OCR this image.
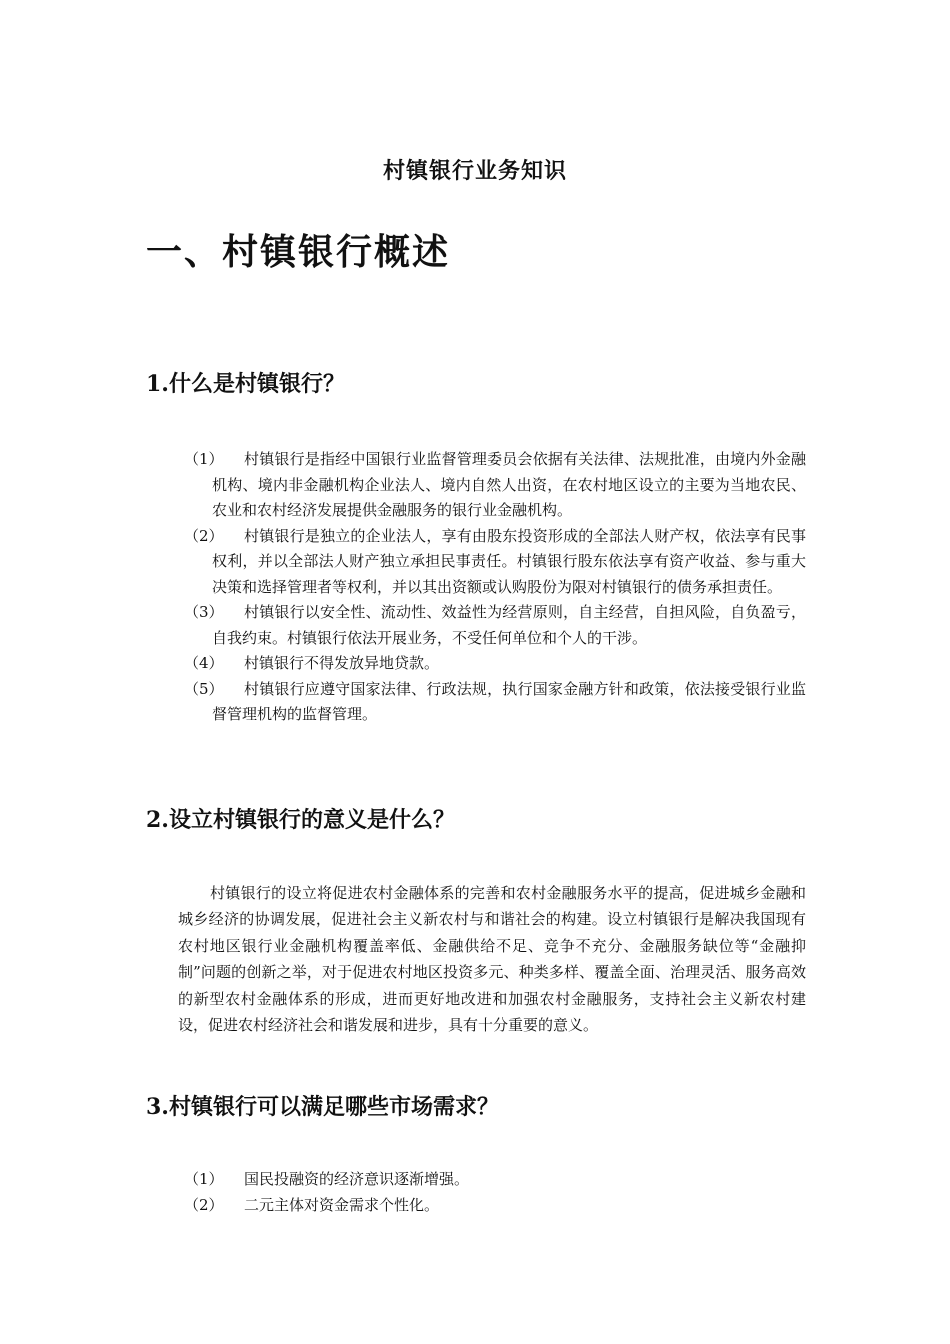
村镇银行业务知识
一、村镇银行概述
1.什么是村镇银行？
（1）	村镇银行是指经中国银行业监督管理委员会依据有关法律、法规批准，由境内外金融机构、境内非金融机构企业法人、境内自然人出资，在农村地区设立的主要为当地农民、农业和农村经济发展提供金融服务的银行业金融机构。
（2）	村镇银行是独立的企业法人，享有由股东投资形成的全部法人财产权，依法享有民事权利，并以全部法人财产独立承担民事责任。村镇银行股东依法享有资产收益、参与重大决策和选择管理者等权利，并以其出资额或认购股份为限对村镇银行的债务承担责任。
（3）	村镇银行以安全性、流动性、效益性为经营原则，自主经营，自担风险，自负盈亏，自我约束。村镇银行依法开展业务，不受任何单位和个人的干涉。
（4）	村镇银行不得发放异地贷款。
（5）	村镇银行应遵守国家法律、行政法规，执行国家金融方针和政策，依法接受银行业监督管理机构的监督管理。
2.设立村镇银行的意义是什么？

村镇银行的设立将促进农村金融体系的完善和农村金融服务水平的提高，促进城乡金融和城乡经济的协调发展，促进社会主义新农村与和谐社会的构建。设立村镇银行是解决我国现有农村地区银行业金融机构覆盖率低、金融供给不足、竞争不充分、金融服务缺位等“金融抑制”问题的创新之举，对于促进农村地区投资多元、种类多样、覆盖全面、治理灵活、服务高效的新型农村金融体系的形成，进而更好地改进和加强农村金融服务，支持社会主义新农村建设，促进农村经济社会和谐发展和进步，具有十分重要的意义。

3.村镇银行可以满足哪些市场需求？
（1）	国民投融资的经济意识逐渐增强。
（2）	二元主体对资金需求个性化。
